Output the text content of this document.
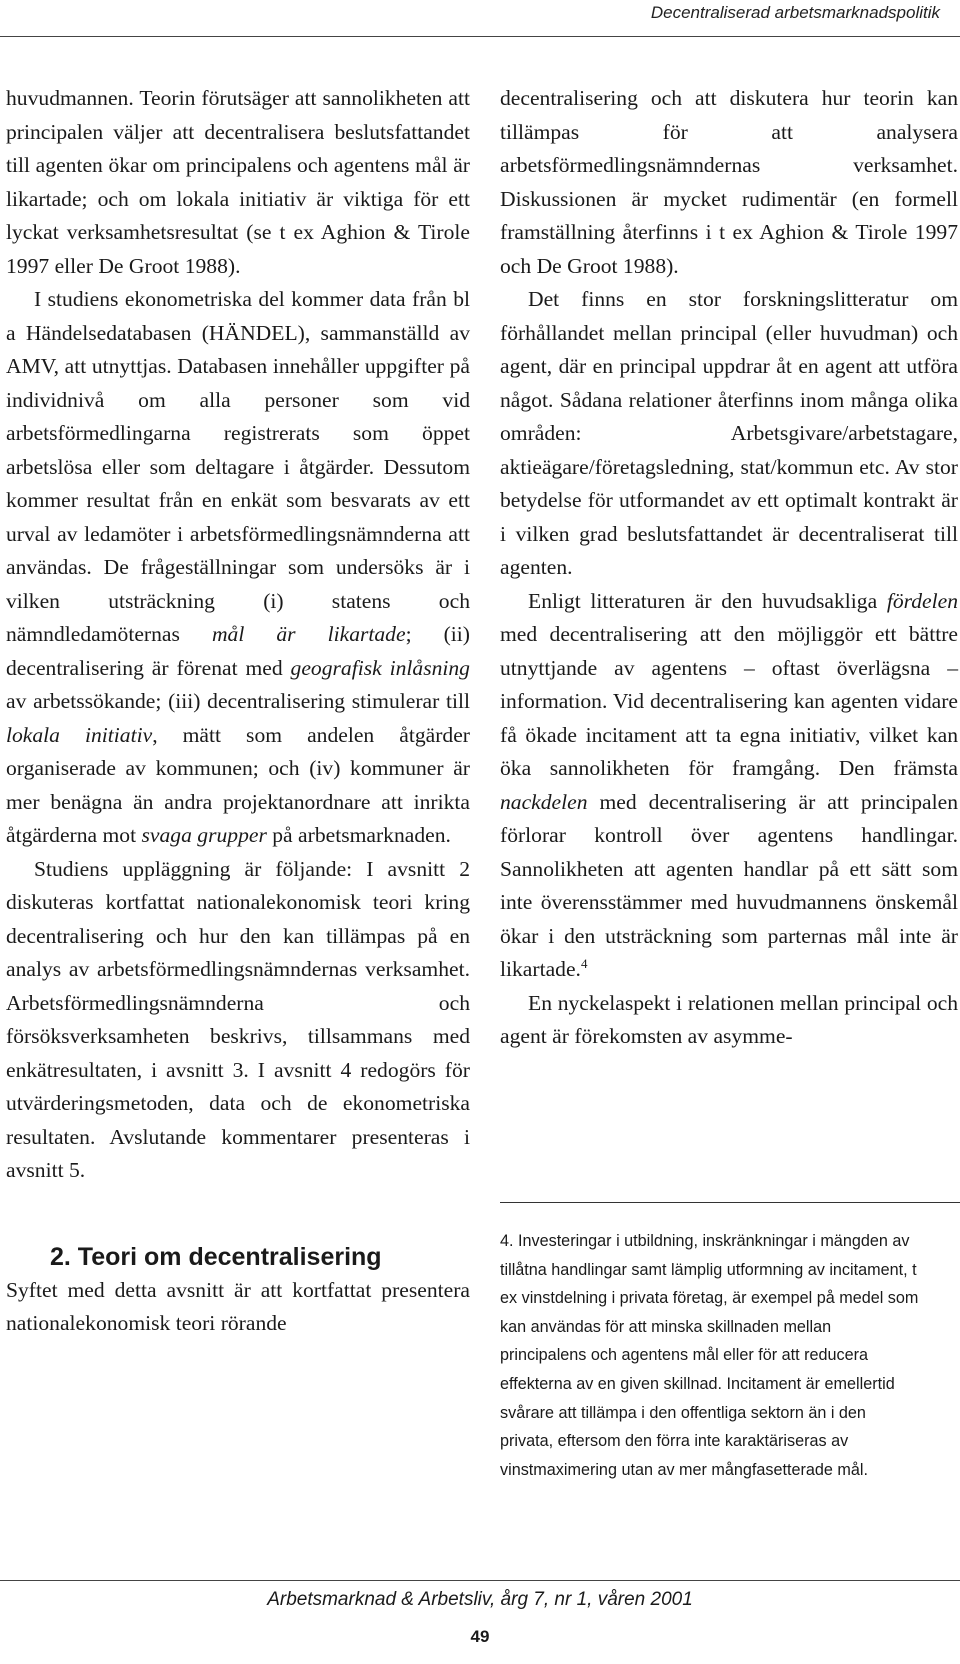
Decentraliserad arbetsmarknadspolitik

huvudmannen. Teorin förutsäger att sannolikheten att principalen väljer att decentralisera beslutsfattandet till agenten ökar om principalens och agentens mål är likartade; och om lokala initiativ är viktiga för ett lyckat verksamhetsresultat (se t ex Aghion & Tirole 1997 eller De Groot 1988).

I studiens ekonometriska del kommer data från bl a Händelsedatabasen (HÄNDEL), sammanställd av AMV, att utnyttjas. Databasen innehåller uppgifter på individnivå om alla personer som vid arbetsförmedlingarna registrerats som öppet arbetslösa eller som deltagare i åtgärder. Dessutom kommer resultat från en enkät som besvarats av ett urval av ledamöter i arbetsförmedlingsnämnderna att användas. De frågeställningar som undersöks är i vilken utsträckning (i) statens och nämndledamöternas mål är likartade; (ii) decentralisering är förenat med geografisk inlåsning av arbetssökande; (iii) decentralisering stimulerar till lokala initiativ, mätt som andelen åtgärder organiserade av kommunen; och (iv) kommuner är mer benägna än andra projektanordnare att inrikta åtgärderna mot svaga grupper på arbetsmarknaden.

Studiens uppläggning är följande: I avsnitt 2 diskuteras kortfattat nationalekonomisk teori kring decentralisering och hur den kan tillämpas på en analys av arbetsförmedlingsnämndernas verksamhet. Arbetsförmedlingsnämnderna och försöksverksamheten beskrivs, tillsammans med enkätresultaten, i avsnitt 3. I avsnitt 4 redogörs för utvärderingsmetoden, data och de ekonometriska resultaten. Avslutande kommentarer presenteras i avsnitt 5.

2. Teori om decentralisering

Syftet med detta avsnitt är att kortfattat presentera nationalekonomisk teori rörande

decentralisering och att diskutera hur teorin kan tillämpas för att analysera arbetsförmedlingsnämndernas verksamhet. Diskussionen är mycket rudimentär (en formell framställning återfinns i t ex Aghion & Tirole 1997 och De Groot 1988).

Det finns en stor forskningslitteratur om förhållandet mellan principal (eller huvudman) och agent, där en principal uppdrar åt en agent att utföra något. Sådana relationer återfinns inom många olika områden: Arbetsgivare/arbetstagare, aktieägare/företagsledning, stat/kommun etc. Av stor betydelse för utformandet av ett optimalt kontrakt är i vilken grad beslutsfattandet är decentraliserat till agenten.

Enligt litteraturen är den huvudsakliga fördelen med decentralisering att den möjliggör ett bättre utnyttjande av agentens – oftast överlägsna – information. Vid decentralisering kan agenten vidare få ökade incitament att ta egna initiativ, vilket kan öka sannolikheten för framgång. Den främsta nackdelen med decentralisering är att principalen förlorar kontroll över agentens handlingar. Sannolikheten att agenten handlar på ett sätt som inte överensstämmer med huvudmannens önskemål ökar i den utsträckning som parternas mål inte är likartade.$^4$

En nyckelaspekt i relationen mellan principal och agent är förekomsten av asymme-

4. Investeringar i utbildning, inskränkningar i mängden av tillåtna handlingar samt lämplig utformning av incitament, t ex vinstdelning i privata företag, är exempel på medel som kan användas för att minska skillnaden mellan principalens och agentens mål eller för att reducera effekterna av en given skillnad. Incitament är emellertid svårare att tillämpa i den offentliga sektorn än i den privata, eftersom den förra inte karaktäriseras av vinstmaximering utan av mer mångfasetterade mål.

Arbetsmarknad & Arbetsliv, årg 7, nr 1, våren 2001
49
